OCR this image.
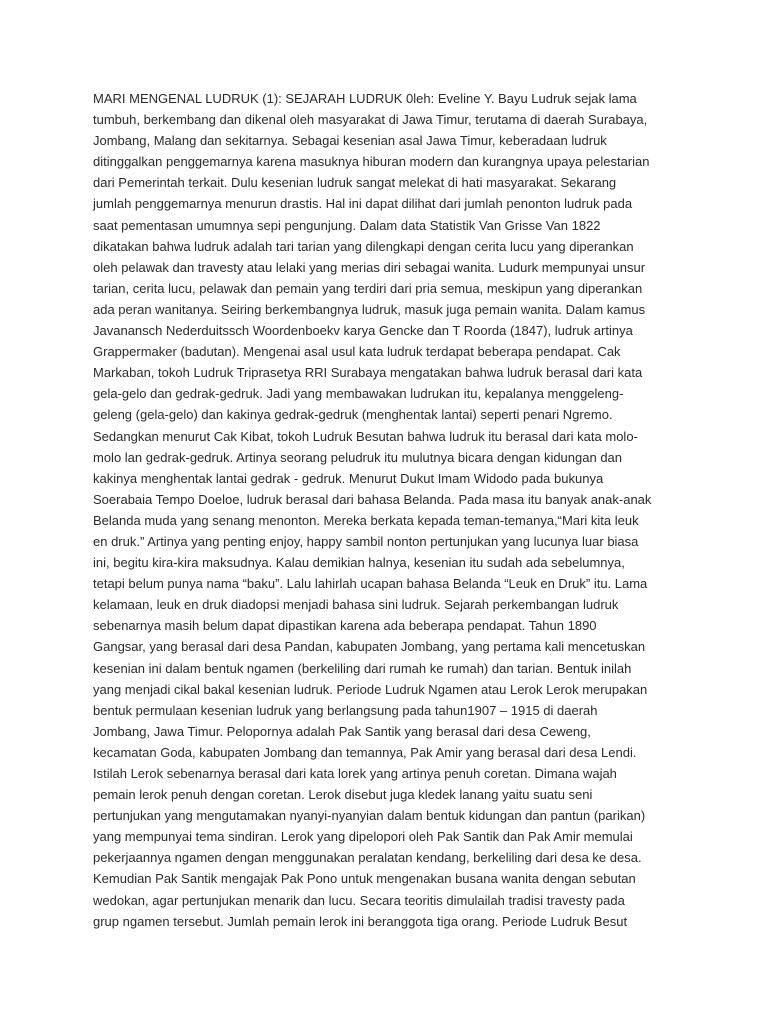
MARI MENGENAL LUDRUK (1): SEJARAH LUDRUK 0leh: Eveline Y. Bayu Ludruk sejak lama
tumbuh, berkembang dan dikenal oleh masyarakat di Jawa Timur, terutama di daerah Surabaya,
Jombang, Malang dan sekitarnya. Sebagai kesenian asal Jawa Timur, keberadaan ludruk
ditinggalkan penggemarnya karena masuknya hiburan modern dan kurangnya upaya pelestarian
dari Pemerintah terkait. Dulu kesenian ludruk sangat melekat di hati masyarakat. Sekarang
jumlah penggemarnya menurun drastis. Hal ini dapat dilihat dari jumlah penonton ludruk pada
saat pementasan umumnya sepi pengunjung. Dalam data Statistik Van Grisse Van 1822
dikatakan bahwa ludruk adalah tari tarian yang dilengkapi dengan cerita lucu yang diperankan
oleh pelawak dan travesty atau lelaki yang merias diri sebagai wanita. Ludurk mempunyai unsur
tarian, cerita lucu, pelawak dan pemain yang terdiri dari pria semua, meskipun yang diperankan
ada peran wanitanya. Seiring berkembangnya ludruk, masuk juga pemain wanita. Dalam kamus
Javanansch Nederduitssch Woordenboekv karya Gencke dan T Roorda (1847), ludruk artinya
Grappermaker (badutan). Mengenai asal usul kata ludruk terdapat beberapa pendapat. Cak
Markaban, tokoh Ludruk Triprasetya RRI Surabaya mengatakan bahwa ludruk berasal dari kata
gela-gelo dan gedrak-gedruk. Jadi yang membawakan ludrukan itu, kepalanya menggeleng-
geleng (gela-gelo) dan kakinya gedrak-gedruk (menghentak lantai) seperti penari Ngremo.
Sedangkan menurut Cak Kibat, tokoh Ludruk Besutan bahwa ludruk itu berasal dari kata molo-
molo lan gedrak-gedruk. Artinya seorang peludruk itu mulutnya bicara dengan kidungan dan
kakinya menghentak lantai gedrak - gedruk. Menurut Dukut Imam Widodo pada bukunya
Soerabaia Tempo Doeloe, ludruk berasal dari bahasa Belanda. Pada masa itu banyak anak-anak
Belanda muda yang senang menonton. Mereka berkata kepada teman-temanya,“Mari kita leuk
en druk.” Artinya yang penting enjoy, happy sambil nonton pertunjukan yang lucunya luar biasa
ini, begitu kira-kira maksudnya. Kalau demikian halnya, kesenian itu sudah ada sebelumnya,
tetapi belum punya nama “baku”. Lalu lahirlah ucapan bahasa Belanda “Leuk en Druk” itu. Lama
kelamaan, leuk en druk diadopsi menjadi bahasa sini ludruk. Sejarah perkembangan ludruk
sebenarnya masih belum dapat dipastikan karena ada beberapa pendapat. Tahun 1890
Gangsar, yang berasal dari desa Pandan, kabupaten Jombang, yang pertama kali mencetuskan
kesenian ini dalam bentuk ngamen (berkeliling dari rumah ke rumah) dan tarian. Bentuk inilah
yang menjadi cikal bakal kesenian ludruk. Periode Ludruk Ngamen atau Lerok Lerok merupakan
bentuk permulaan kesenian ludruk yang berlangsung pada tahun1907 – 1915 di daerah
Jombang, Jawa Timur. Pelopornya adalah Pak Santik yang berasal dari desa Ceweng,
kecamatan Goda, kabupaten Jombang dan temannya, Pak Amir yang berasal dari desa Lendi.
Istilah Lerok sebenarnya berasal dari kata lorek yang artinya penuh coretan. Dimana wajah
pemain lerok penuh dengan coretan. Lerok disebut juga kledek lanang yaitu suatu seni
pertunjukan yang mengutamakan nyanyi-nyanyian dalam bentuk kidungan dan pantun (parikan)
yang mempunyai tema sindiran. Lerok yang dipelopori oleh Pak Santik dan Pak Amir memulai
pekerjaannya ngamen dengan menggunakan peralatan kendang, berkeliling dari desa ke desa.
Kemudian Pak Santik mengajak Pak Pono untuk mengenakan busana wanita dengan sebutan
wedokan, agar pertunjukan menarik dan lucu. Secara teoritis dimulailah tradisi travesty pada
grup ngamen tersebut. Jumlah pemain lerok ini beranggota tiga orang. Periode Ludruk Besut
